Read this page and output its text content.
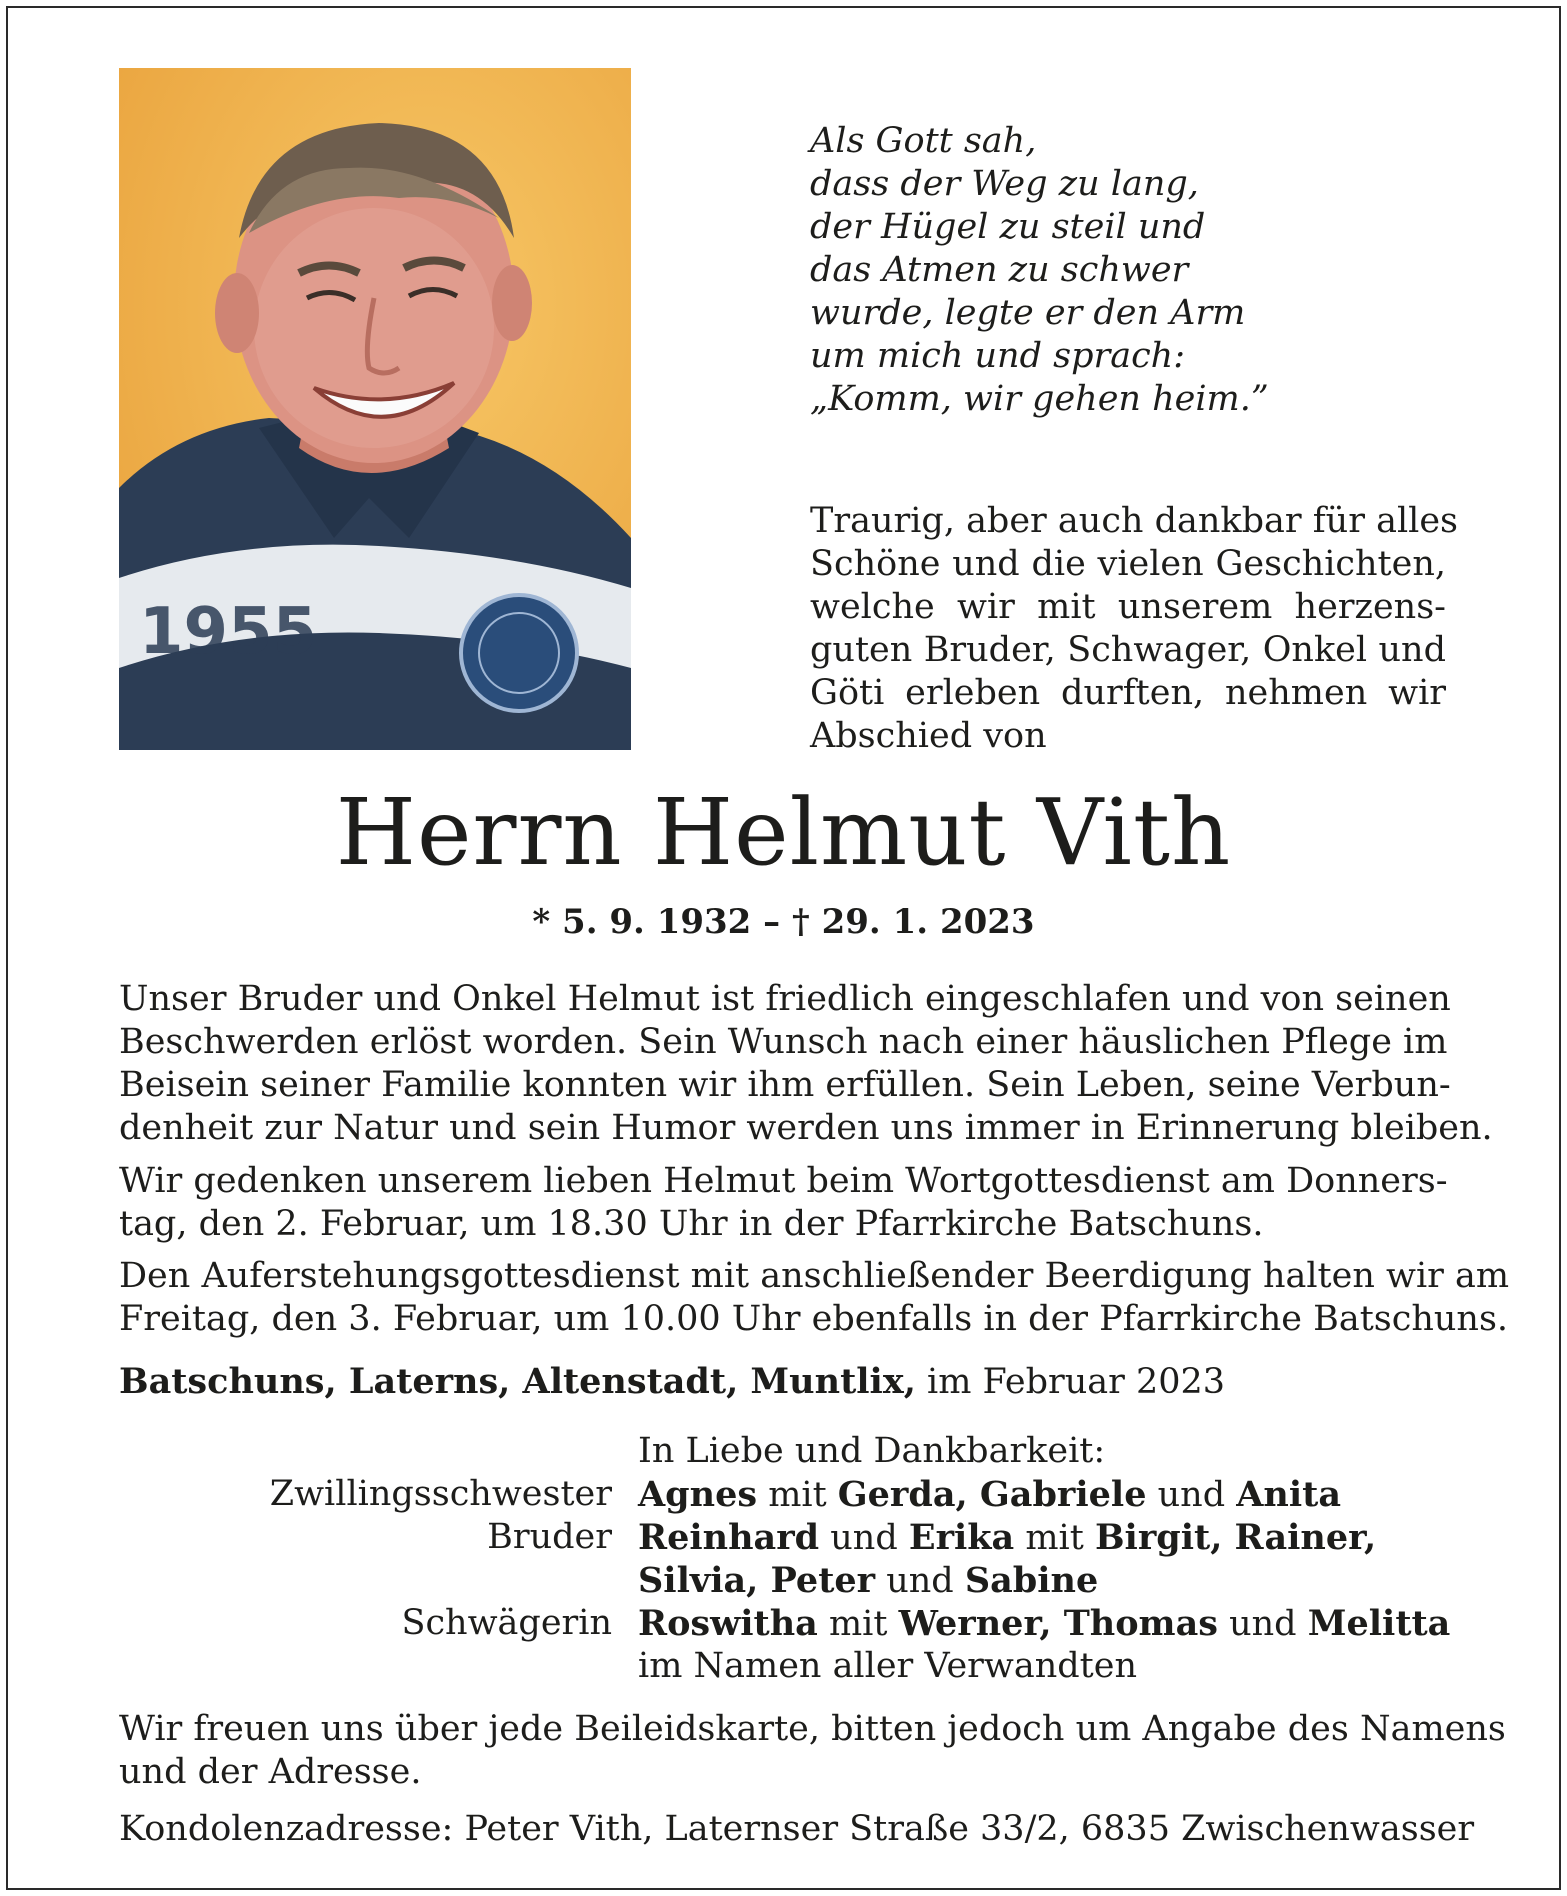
1955
Als Gott sah,
dass der Weg zu lang,
der Hügel zu steil und
das Atmen zu schwer
wurde, legte er den Arm
um mich und sprach:
„Komm, wir gehen heim.”
Traurig, aber auch dankbar für alles
Schöne und die vielen Geschichten,
welche wir mit unserem herzens-
guten Bruder, Schwager, Onkel und
Göti erleben durften, nehmen wir
Abschied von
Herrn Helmut Vith

* 5. 9. 1932 – † 29. 1. 2023

Unser Bruder und Onkel Helmut ist friedlich eingeschlafen und von seinen
Beschwerden erlöst worden. Sein Wunsch nach einer häuslichen Pflege im
Beisein seiner Familie konnten wir ihm erfüllen. Sein Leben, seine Verbun-
denheit zur Natur und sein Humor werden uns immer in Erinnerung bleiben.
Wir gedenken unserem lieben Helmut beim Wortgottesdienst am Donners-
tag, den 2. Februar, um 18.30 Uhr in der Pfarrkirche Batschuns.
Den Auferstehungsgottesdienst mit anschließender Beerdigung halten wir am
Freitag, den 3. Februar, um 10.00 Uhr ebenfalls in der Pfarrkirche Batschuns.

Batschuns, Laterns, Altenstadt, Muntlix, im Februar 2023

In Liebe und Dankbarkeit:

Zwillingsschwester Agnes mit Gerda, Gabriele und Anita
Bruder Reinhard und Erika mit Birgit, Rainer,
Silvia, Peter und Sabine
Schwägerin Roswitha mit Werner, Thomas und Melitta
im Namen aller Verwandten
Wir freuen uns über jede Beileidskarte, bitten jedoch um Angabe des Namens
und der Adresse.

Kondolenzadresse: Peter Vith, Laternser Straße 33/2, 6835 Zwischenwasser
